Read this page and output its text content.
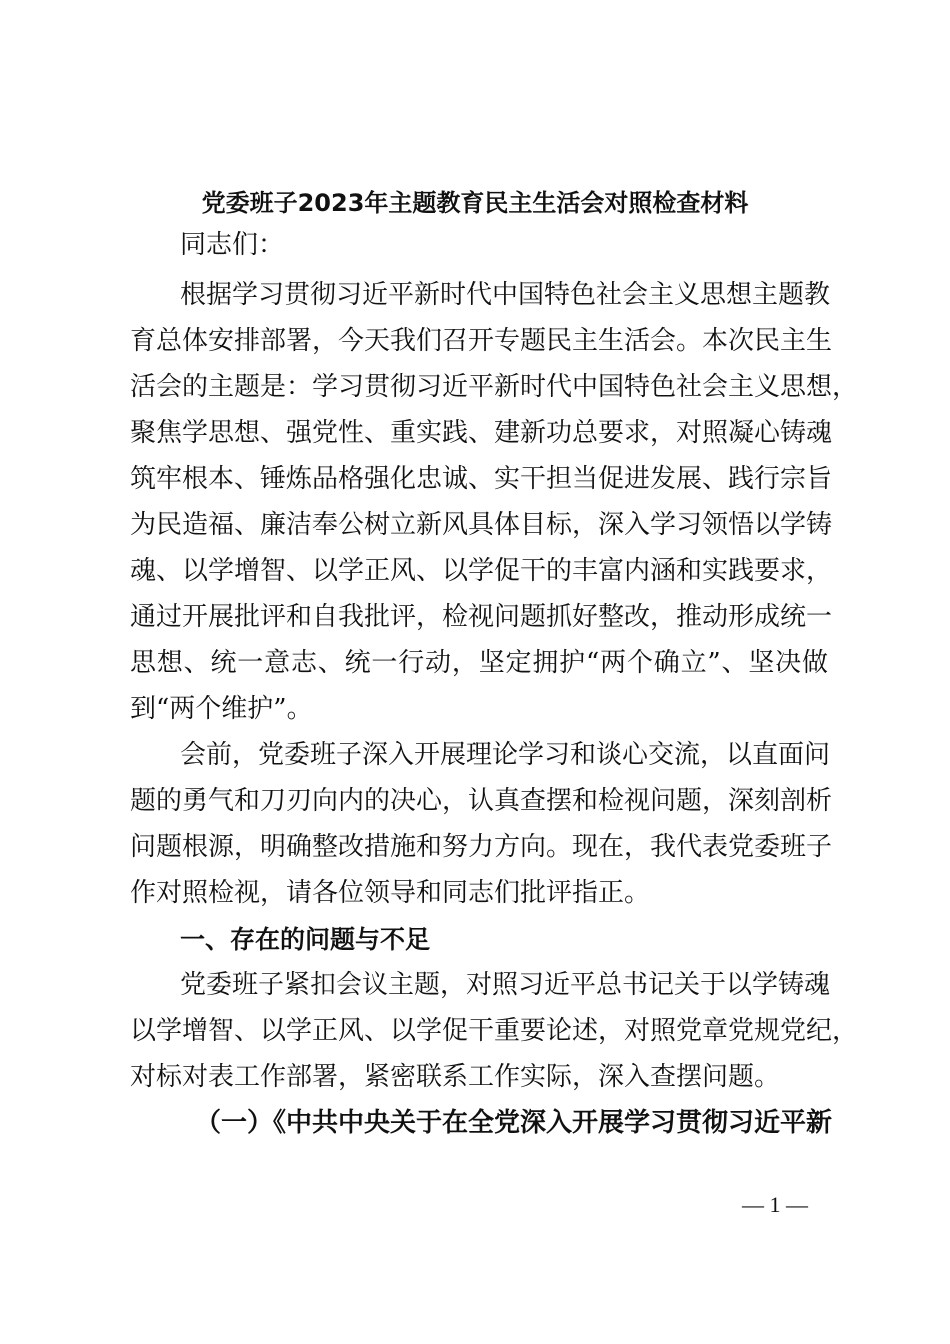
党委班子2023年主题教育民主生活会对照检查材料

同志们：

根据学习贯彻习近平新时代中国特色社会主义思想主题教

育总体安排部署，今天我们召开专题民主生活会。本次民主生

活会的主题是：学习贯彻习近平新时代中国特色社会主义思想，

聚焦学思想、强党性、重实践、建新功总要求，对照凝心铸魂

筑牢根本、锤炼品格强化忠诚、实干担当促进发展、践行宗旨

为民造福、廉洁奉公树立新风具体目标，深入学习领悟以学铸

魂、以学增智、以学正风、以学促干的丰富内涵和实践要求，

通过开展批评和自我批评，检视问题抓好整改，推动形成统一

思想、统一意志、统一行动，坚定拥护“两个确立”、坚决做

到“两个维护”。

会前，党委班子深入开展理论学习和谈心交流，以直面问

题的勇气和刀刃向内的决心，认真查摆和检视问题，深刻剖析

问题根源，明确整改措施和努力方向。现在，我代表党委班子

作对照检视，请各位领导和同志们批评指正。

一、存在的问题与不足

党委班子紧扣会议主题，对照习近平总书记关于以学铸魂

以学增智、以学正风、以学促干重要论述，对照党章党规党纪，

对标对表工作部署，紧密联系工作实际，深入查摆问题。

（一）《中共中央关于在全党深入开展学习贯彻习近平新
— 1 —
